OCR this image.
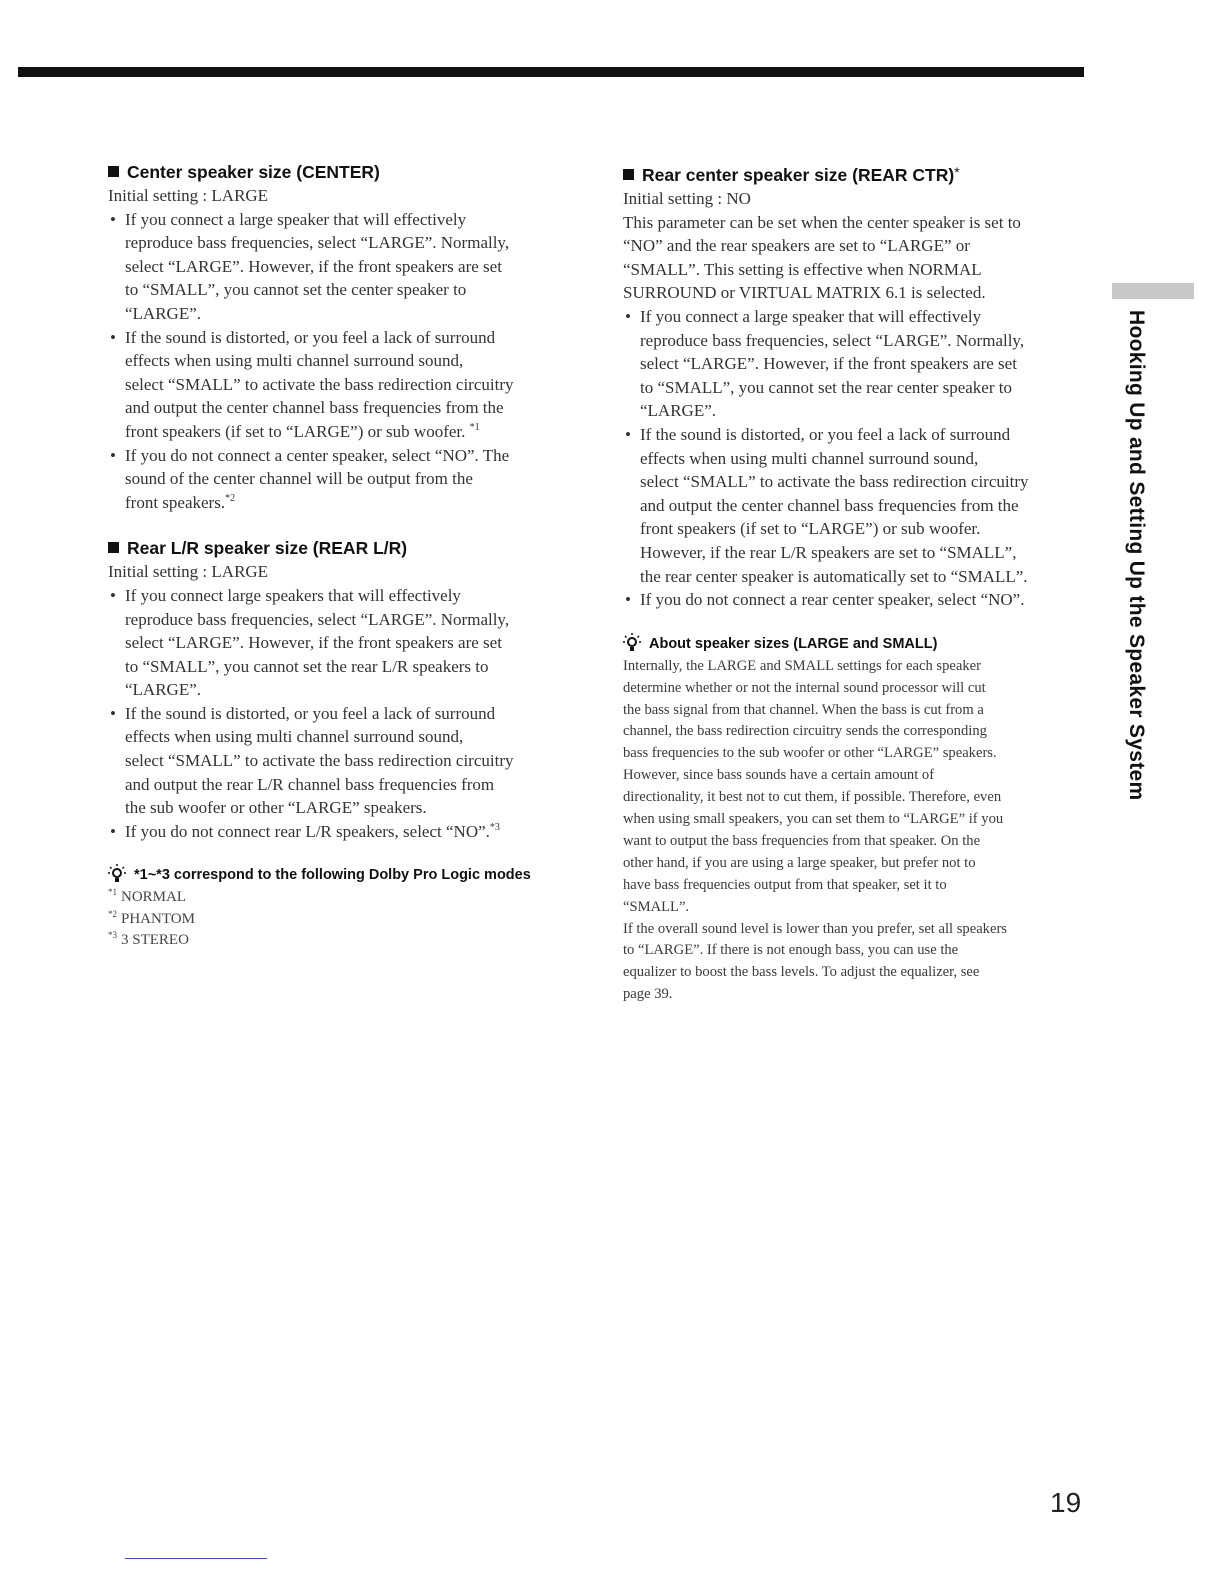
Center speaker size (CENTER)

Initial setting : LARGE

• If you connect a large speaker that will effectively
reproduce bass frequencies, select “LARGE”. Normally,
select “LARGE”. However, if the front speakers are set
to “SMALL”, you cannot set the center speaker to
“LARGE”.
• If the sound is distorted, or you feel a lack of surround
effects when using multi channel surround sound,
select “SMALL” to activate the bass redirection circuitry
and output the center channel bass frequencies from the
front speakers (if set to “LARGE”) or sub woofer. $^{*1}$
• If you do not connect a center speaker, select “NO”. The
sound of the center channel will be output from the
front speakers.$^{*2}$
Rear L/R speaker size (REAR L/R)

Initial setting : LARGE

• If you connect large speakers that will effectively
reproduce bass frequencies, select “LARGE”. Normally,
select “LARGE”. However, if the front speakers are set
to “SMALL”, you cannot set the rear L/R speakers to
“LARGE”.
• If the sound is distorted, or you feel a lack of surround
effects when using multi channel surround sound,
select “SMALL” to activate the bass redirection circuitry
and output the rear L/R channel bass frequencies from
the sub woofer or other “LARGE” speakers.
• If you do not connect rear L/R speakers, select “NO”.$^{*3}$

*1~*3 correspond to the following Dolby Pro Logic modes

$^{*1}$ NORMAL

$^{*2}$ PHANTOM

$^{*3}$ 3 STEREO

Rear center speaker size (REAR CTR)*

Initial setting : NO

This parameter can be set when the center speaker is set to
“NO” and the rear speakers are set to “LARGE” or
“SMALL”. This setting is effective when NORMAL
SURROUND or VIRTUAL MATRIX 6.1 is selected.
• If you connect a large speaker that will effectively
reproduce bass frequencies, select “LARGE”. Normally,
select “LARGE”. However, if the front speakers are set
to “SMALL”, you cannot set the rear center speaker to
“LARGE”.
• If the sound is distorted, or you feel a lack of surround
effects when using multi channel surround sound,
select “SMALL” to activate the bass redirection circuitry
and output the center channel bass frequencies from the
front speakers (if set to “LARGE”) or sub woofer.
However, if the rear L/R speakers are set to “SMALL”,
the rear center speaker is automatically set to “SMALL”.
• If you do not connect a rear center speaker, select “NO”.

About speaker sizes (LARGE and SMALL)

Internally, the LARGE and SMALL settings for each speaker
determine whether or not the internal sound processor will cut
the bass signal from that channel. When the bass is cut from a
channel, the bass redirection circuitry sends the corresponding
bass frequencies to the sub woofer or other “LARGE” speakers.
However, since bass sounds have a certain amount of
directionality, it best not to cut them, if possible. Therefore, even
when using small speakers, you can set them to “LARGE” if you
want to output the bass frequencies from that speaker. On the
other hand, if you are using a large speaker, but prefer not to
have bass frequencies output from that speaker, set it to
“SMALL”.
If the overall sound level is lower than you prefer, set all speakers
to “LARGE”. If there is not enough bass, you can use the
equalizer to boost the bass levels. To adjust the equalizer, see
page 39.
Hooking Up and Setting Up the Speaker System
19
